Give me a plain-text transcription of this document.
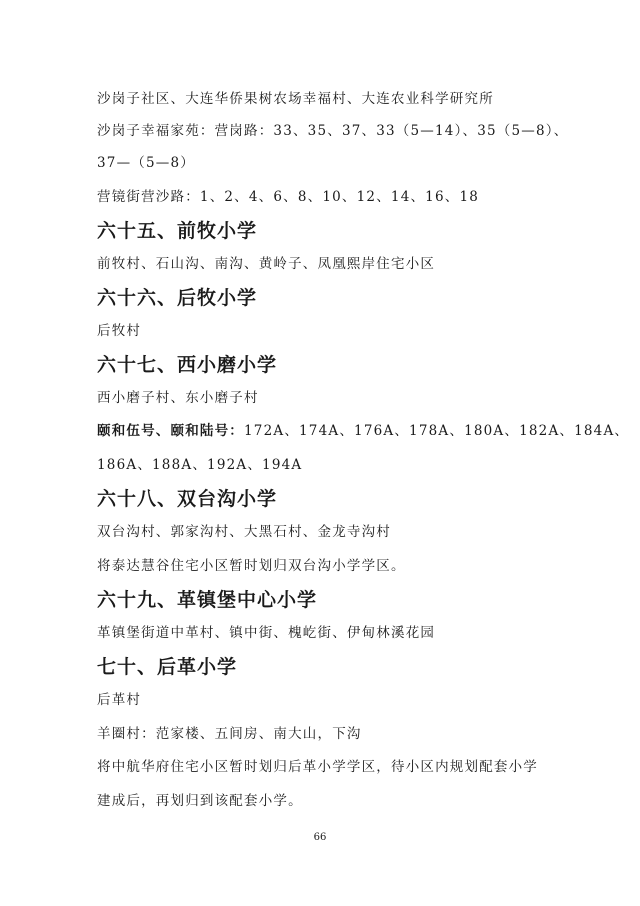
沙岗子社区、大连华侨果树农场幸福村、大连农业科学研究所
沙岗子幸福家苑：营岗路：33、35、37、33（5—14）、35（5—8）、
37—（5—8）
营镜街营沙路：1、2、4、6、8、10、12、14、16、18
六十五、前牧小学
前牧村、石山沟、南沟、黄岭子、凤凰熙岸住宅小区
六十六、后牧小学
后牧村
六十七、西小磨小学
西小磨子村、东小磨子村
颐和伍号、颐和陆号：172A、174A、176A、178A、180A、182A、184A、
186A、188A、192A、194A
六十八、双台沟小学
双台沟村、郭家沟村、大黑石村、金龙寺沟村
将泰达慧谷住宅小区暂时划归双台沟小学学区。
六十九、革镇堡中心小学
革镇堡街道中革村、镇中街、槐屹街、伊甸林溪花园
七十、后革小学
后革村
羊圈村：范家楼、五间房、南大山，下沟
将中航华府住宅小区暂时划归后革小学学区，待小区内规划配套小学
建成后，再划归到该配套小学。
66
